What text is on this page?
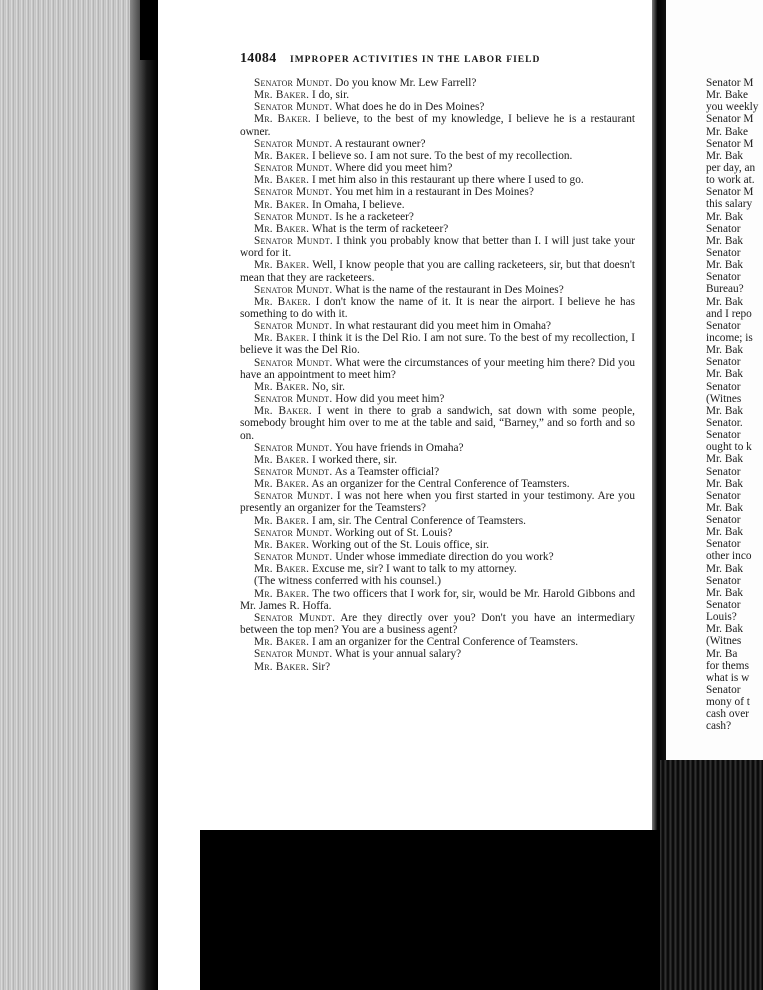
14084 IMPROPER ACTIVITIES IN THE LABOR FIELD

Senator Mundt. Do you know Mr. Lew Farrell?

Mr. Baker. I do, sir.

Senator Mundt. What does he do in Des Moines?

Mr. Baker. I believe, to the best of my knowledge, I believe he is a restaurant owner.

Senator Mundt. A restaurant owner?

Mr. Baker. I believe so. I am not sure. To the best of my recollection.

Senator Mundt. Where did you meet him?

Mr. Baker. I met him also in this restaurant up there where I used to go.

Senator Mundt. You met him in a restaurant in Des Moines?

Mr. Baker. In Omaha, I believe.

Senator Mundt. Is he a racketeer?

Mr. Baker. What is the term of racketeer?

Senator Mundt. I think you probably know that better than I. I will just take your word for it.

Mr. Baker. Well, I know people that you are calling racketeers, sir, but that doesn't mean that they are racketeers.

Senator Mundt. What is the name of the restaurant in Des Moines?

Mr. Baker. I don't know the name of it. It is near the airport. I believe he has something to do with it.

Senator Mundt. In what restaurant did you meet him in Omaha?

Mr. Baker. I think it is the Del Rio. I am not sure. To the best of my recollection, I believe it was the Del Rio.

Senator Mundt. What were the circumstances of your meeting him there? Did you have an appointment to meet him?

Mr. Baker. No, sir.

Senator Mundt. How did you meet him?

Mr. Baker. I went in there to grab a sandwich, sat down with some people, somebody brought him over to me at the table and said, “Barney,” and so forth and so on.

Senator Mundt. You have friends in Omaha?

Mr. Baker. I worked there, sir.

Senator Mundt. As a Teamster official?

Mr. Baker. As an organizer for the Central Conference of Teamsters.

Senator Mundt. I was not here when you first started in your testimony. Are you presently an organizer for the Teamsters?

Mr. Baker. I am, sir. The Central Conference of Teamsters.

Senator Mundt. Working out of St. Louis?

Mr. Baker. Working out of the St. Louis office, sir.

Senator Mundt. Under whose immediate direction do you work?

Mr. Baker. Excuse me, sir? I want to talk to my attorney.

(The witness conferred with his counsel.)

Mr. Baker. The two officers that I work for, sir, would be Mr. Harold Gibbons and Mr. James R. Hoffa.

Senator Mundt. Are they directly over you? Don't you have an intermediary between the top men? You are a business agent?

Mr. Baker. I am an organizer for the Central Conference of Teamsters.

Senator Mundt. What is your annual salary?

Mr. Baker. Sir?

Senator M
Mr. Bake
you weekly
Senator M
Mr. Bake
Senator M
Mr. Bak
per day, an
to work at.
Senator M
this salary
Mr. Bak
Senator
Mr. Bak
Senator
Mr. Bak
Senator
Bureau?
Mr. Bak
and I repo
Senator
income; is
Mr. Bak
Senator
Mr. Bak
Senator
(Witnes
Mr. Bak
Senator.
Senator
ought to k
Mr. Bak
Senator
Mr. Bak
Senator
Mr. Bak
Senator
Mr. Bak
Senator
other inco
Mr. Bak
Senator
Mr. Bak
Senator
Louis?
Mr. Bak
(Witnes
Mr. Ba
for thems
what is w
Senator
mony of t
cash over
cash?
